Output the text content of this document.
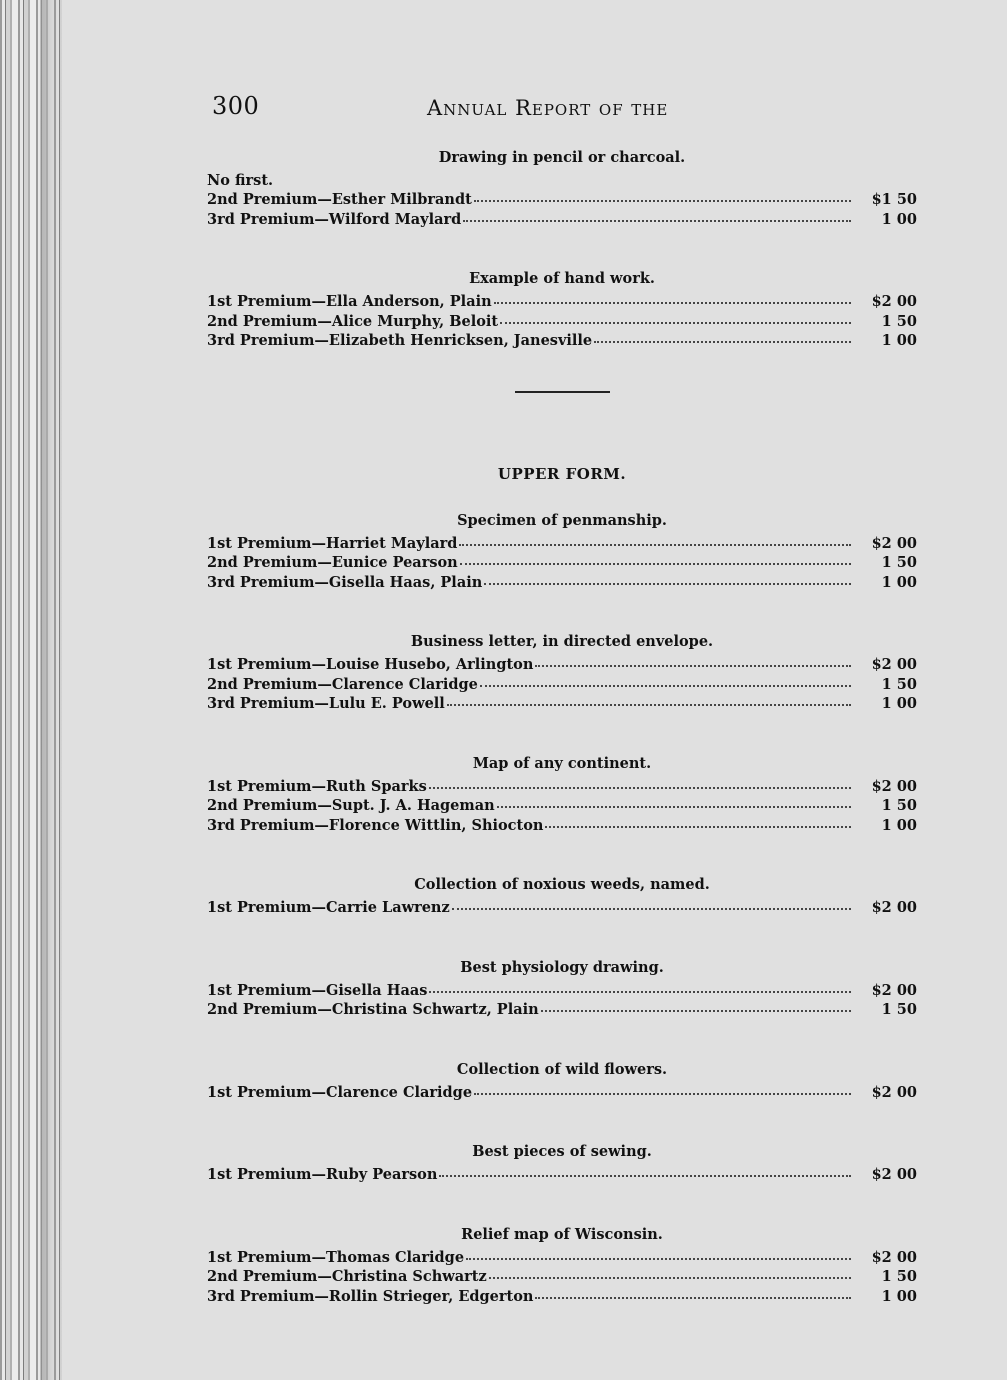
300	Annual Report of the
Drawing in pencil or charcoal.
No first.
2nd Premium—Esther Milbrandt	$1 50
3rd Premium—Wilford Maylard	1 00
Example of hand work.
1st Premium—Ella Anderson, Plain	$2 00
2nd Premium—Alice Murphy, Beloit	1 50
3rd Premium—Elizabeth Henricksen, Janesville	1 00
UPPER FORM.
Specimen of penmanship.
1st Premium—Harriet Maylard	$2 00
2nd Premium—Eunice Pearson	1 50
3rd Premium—Gisella Haas, Plain	1 00
Business letter, in directed envelope.
1st Premium—Louise Husebo, Arlington	$2 00
2nd Premium—Clarence Claridge	1 50
3rd Premium—Lulu E. Powell	1 00
Map of any continent.
1st Premium—Ruth Sparks	$2 00
2nd Premium—Supt. J. A. Hageman	1 50
3rd Premium—Florence Wittlin, Shiocton	1 00
Collection of noxious weeds, named.
1st Premium—Carrie Lawrenz	$2 00
Best physiology drawing.
1st Premium—Gisella Haas	$2 00
2nd Premium—Christina Schwartz, Plain	1 50
Collection of wild flowers.
1st Premium—Clarence Claridge	$2 00
Best pieces of sewing.
1st Premium—Ruby Pearson	$2 00
Relief map of Wisconsin.
1st Premium—Thomas Claridge	$2 00
2nd Premium—Christina Schwartz	1 50
3rd Premium—Rollin Strieger, Edgerton	1 00
